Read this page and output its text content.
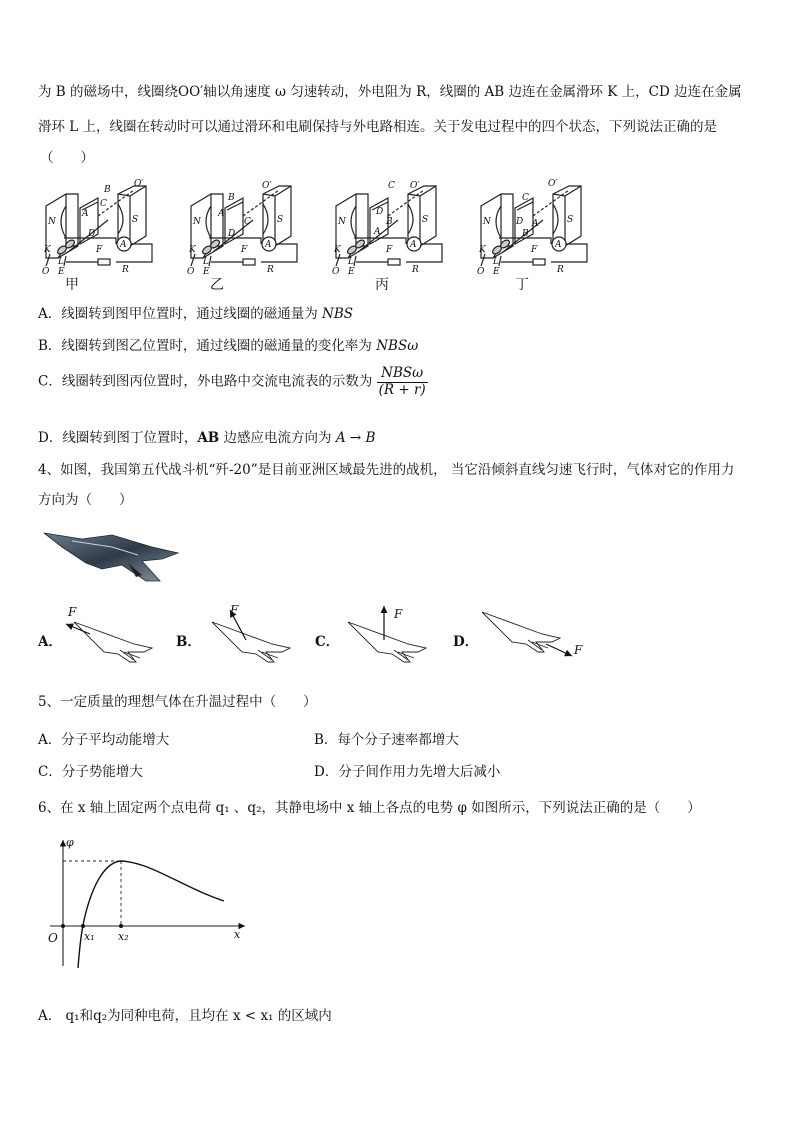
为 B 的磁场中，线圈绕OO′轴以角速度 ω 匀速转动，外电阻为 R，线圈的 AB 边连在金属滑环 K 上，CD 边连在金属
滑环 L 上，线圈在转动时可以通过滑环和电刷保持与外电路相连。关于发电过程中的四个状态，下列说法正确的是
（　　）
B
O′
N	S
A
D
C
K
L
O E
F A
R
B
O′
N	S
A
C
D
K
L
O E
F A
R
C O′
N	S
D
B
A
K
L
O E
F A
R
C
O′
N	S
D A
B
K
L
O E
F A
R
甲	乙	丙	丁
A．线圈转到图甲位置时，通过线圈的磁通量为 NBS
B．线圈转到图乙位置时，通过线圈的磁通量的变化率为 NBSω
C．线圈转到图丙位置时，外电路中交流电流表的示数为 $\frac{\text{NBSω}}{(R + r)}$
D．线圈转到图丁位置时，AB 边感应电流方向为 A → B
4、如图，我国第五代战斗机“歼-20”是目前亚洲区域最先进的战机， 当它沿倾斜直线匀速飞行时，气体对它的作用力
方向为（　　）
A．	B．	C．	D．
F	F	F
F
5、一定质量的理想气体在升温过程中（　　）
A．分子平均动能增大	B．每个分子速率都增大
C．分子势能增大	D．分子间作用力先增大后减小
6、在 x 轴上固定两个点电荷 q₁ 、q₂，其静电场中 x 轴上各点的电势 φ 如图所示，下列说法正确的是（　　）
φ
O x₁ x₂	x
A． q₁和q₂为同种电荷，且均在 x < x₁ 的区域内
